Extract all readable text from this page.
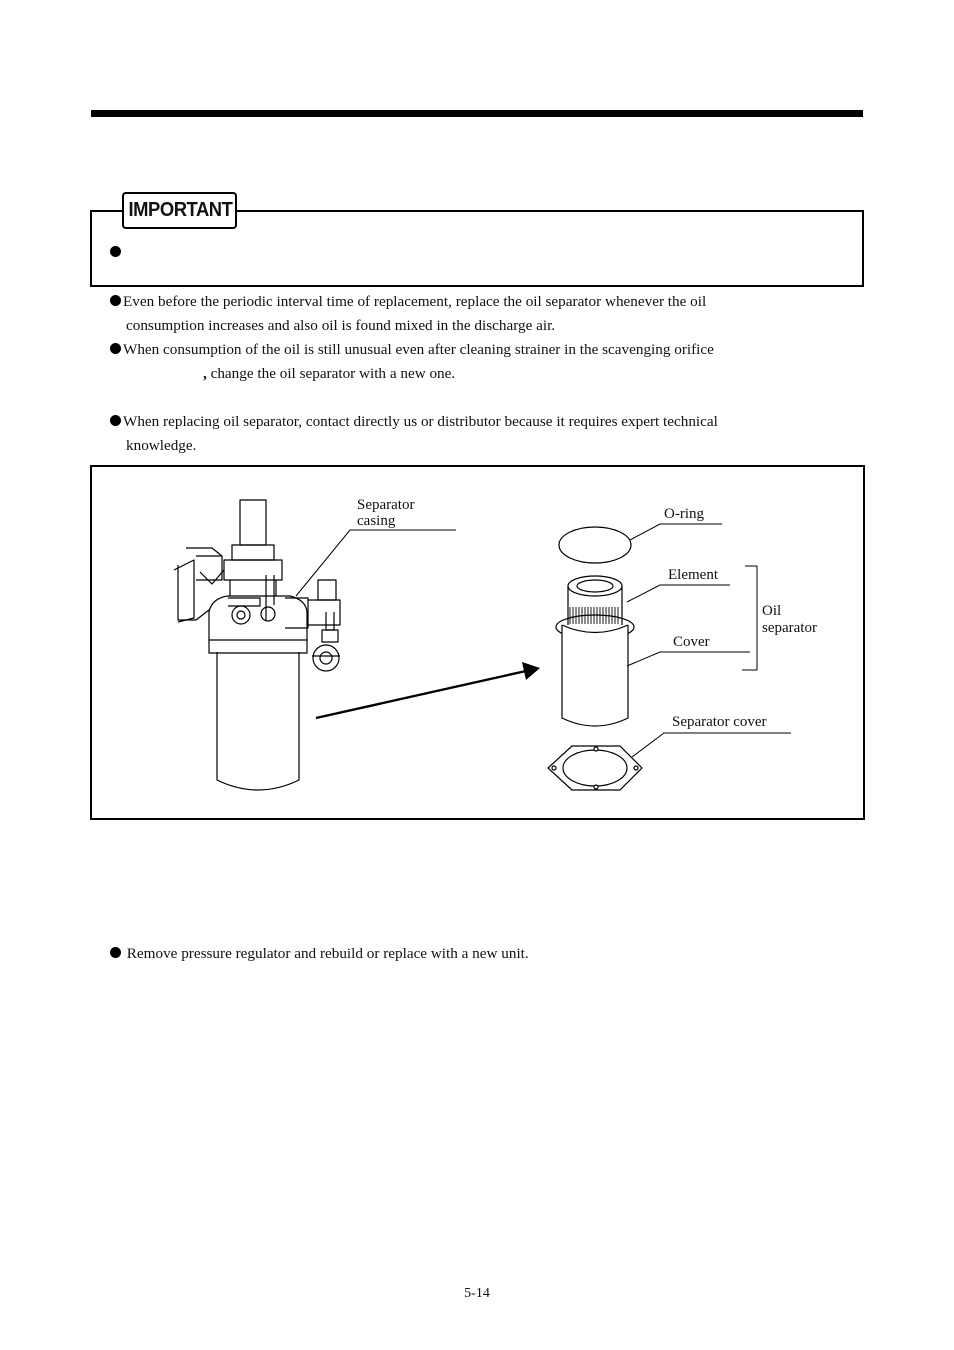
IMPORTANT
Even before the periodic interval time of replacement, replace the oil separator whenever the oil
consumption increases and also oil is found mixed in the discharge air.
When consumption of the oil is still unusual even after cleaning strainer in the scavenging orifice
, change the oil separator with a new one.
When replacing oil separator, contact directly us or distributor because it requires expert technical
knowledge.
Separator
casing	O-ring
Element
Cover
Oil
separator
Separator cover
Remove pressure regulator and rebuild or replace with a new unit.
5-14
